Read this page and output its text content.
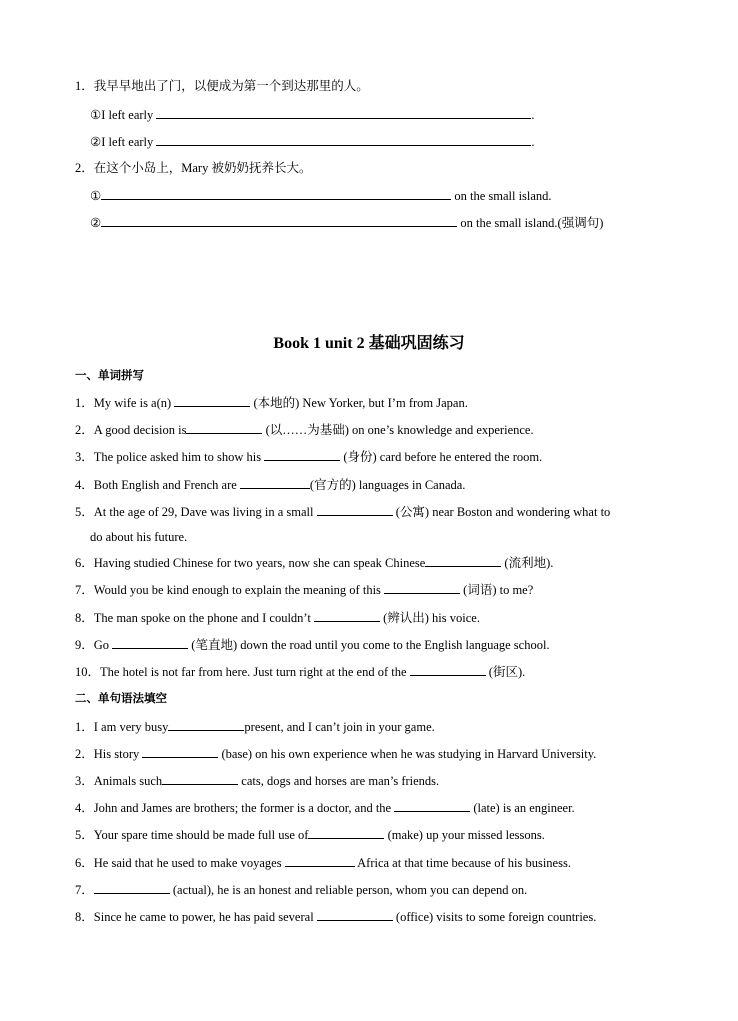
1．我早早地出了门，以便成为第一个到达那里的人。
①I left early	.
②I left early	.
2．在这个小岛上，Mary 被奶奶抚养长大。
①	on the small island.
②	on the small island.(强调句)
Book 1 unit 2 基础巩固练习
一、单词拼写
1．My wife is a(n)	(本地的) New Yorker, but I’m from Japan.
2．A good decision is	(以……为基础) on one’s knowledge and experience.
3．The police asked him to show his	(身份) card before he entered the room.
4．Both English and French are	(官方的) languages in Canada.
5．At the age of 29, Dave was living in a small	(公寓) near Boston and wondering what to
do about his future.
6．Having studied Chinese for two years, now she can speak Chinese	(流利地).
7．Would you be kind enough to explain the meaning of this	(词语) to me?
8．The man spoke on the phone and I couldn’t	(辨认出) his voice.
9．Go	(笔直地) down the road until you come to the English language school.
10．The hotel is not far from here. Just turn right at the end of the	(街区).
二、单句语法填空
1．I am very busy	present, and I can’t join in your game.
2．His story	(base) on his own experience when he was studying in Harvard University.
3．Animals such	cats, dogs and horses are man’s friends.
4．John and James are brothers; the former is a doctor, and the	(late) is an engineer.
5．Your spare time should be made full use of	(make) up your missed lessons.
6．He said that he used to make voyages	Africa at that time because of his business.
7．	(actual), he is an honest and reliable person, whom you can depend on.
8．Since he came to power, he has paid several	(office) visits to some foreign countries.
